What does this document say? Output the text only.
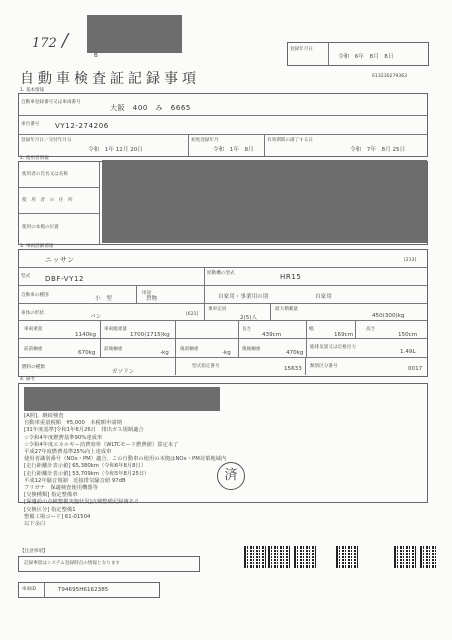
172 /
B
登録年月日
令和　6年　8月　8日
自動車検査証記録事項	613230279363
1. 基本情報
自動車登録番号又は車両番号
大阪　400　み　6665
車台番号 VY12-274206
登録年月日／交付年月日
令和　1年 12月 20日
初度登録年月
令和　1年　8月
有効期間の満了する日
令和　7年　8月 25日
2. 使用者情報
使用者の氏名又は名称
使　用　者　の　住　所
使用の本拠の位置
3. 車両詳細情報
ニッサン	[213]
型式 DBF-VY12
原動機の型式	HR15
自動車の種別
小　型
用途
貨物	自家用・事業用の別	自家用
車体の形状
バン	[621]
乗車定員
2(5)人
最大積載量
450(300)kg
車両重量
1140kg
車両総重量
1700(1715)kg
長さ
439cm
幅
169cm
高さ
150cm
前前軸重
670kg
前後軸重
-kg
後前軸重
-kg
後後軸重
470kg
総排気量又は定格出力
1.49L
燃料の種類
ガソリン
型式指定番号	15633 類別区分番号	0017
4. 備考
[A照]、継続検査
自動車重量税額　¥5,000　本税額申請期
[31年度基準]令和1年8月26日　排出ガス規制適合
☆令和4年度燃費基準90%達成車
☆令和4年度エネルギー消費効率（WLTCモード燃費値）算定未了
平成27年度燃費基準25%向上達成車
使用者識別番号（NOx・PM）適合、この自動車の使用の本拠はNOx・PM対策地域内
[走行距離計表示値] 65,380km（令和6年8月8日）
[走行距離計表示値] 53,709km（令和5年8月25日）
平成12年騒音規制　近接排気騒音値 97dB
フリガナ　保適検査使用機器等
[交換種類] 指定整備車
[保適前の点検整備実施状況]点検整備記録簿あり
[交換区分] 指定整備1
整備工場コード] 61-01504
以下余白
済
【注意事項】
記録事項はシステム登録時点の情報となります
車両ID	T94695H6162385
